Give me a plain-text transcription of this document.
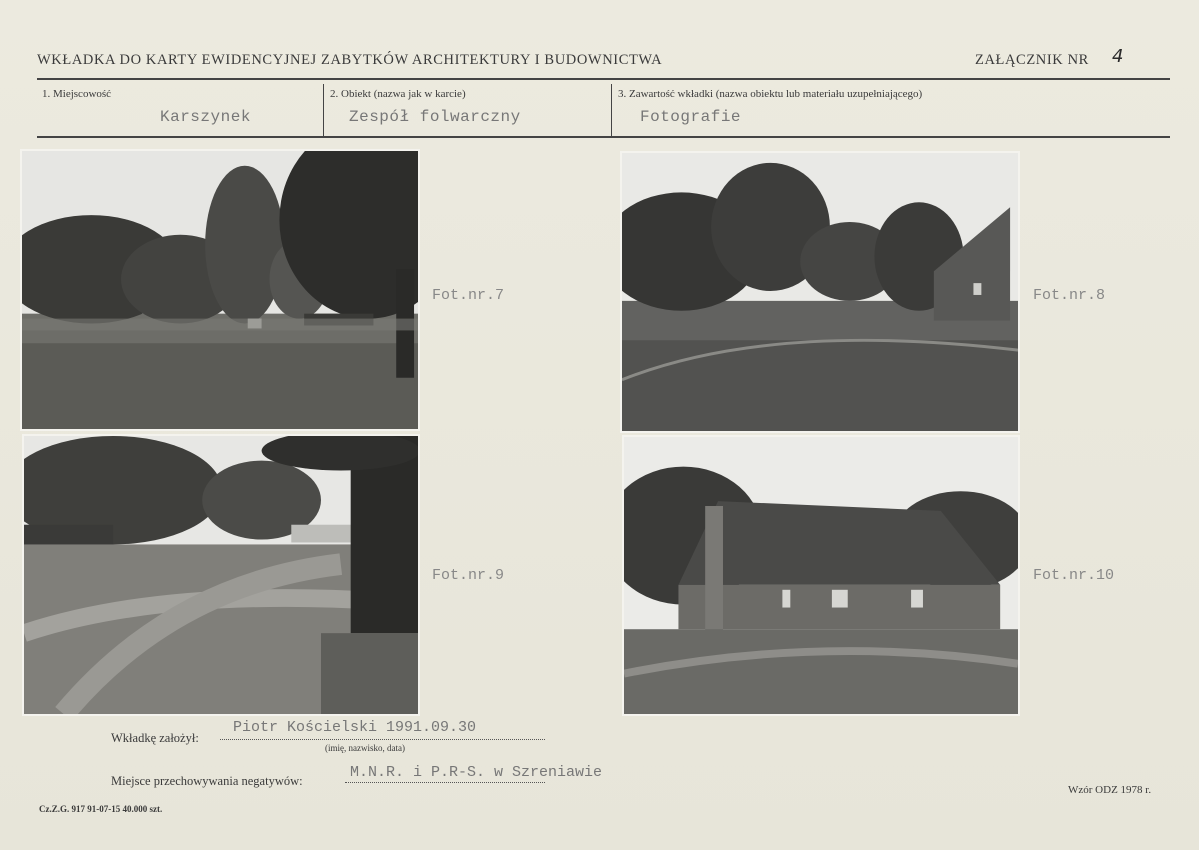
WKŁADKA DO KARTY EWIDENCYJNEJ ZABYTKÓW ARCHITEKTURY I BUDOWNICTWA	ZAŁĄCZNIK NR 4
1. Miejscowość
Karszynek
2. Obiekt (nazwa jak w karcie)
Zespół folwarczny
3. Zawartość wkładki (nazwa obiektu lub materiału uzupełniającego)
Fotografie
Fot.nr.7	Fot.nr.8
Fot.nr.9	Fot.nr.10
Wkładkę założył:
Piotr Kościelski 1991.09.30
(imię, nazwisko, data)
Miejsce przechowywania negatywów:	M.N.R. i P.R-S. w Szreniawie
Cz.Z.G. 917 91-07-15 40.000 szt.
Wzór ODZ 1978 r.
